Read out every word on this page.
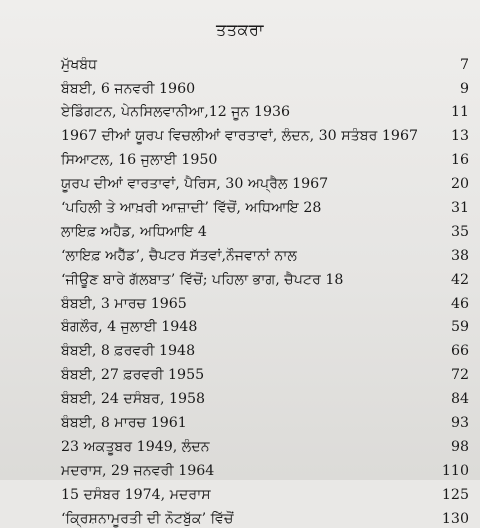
ਤਤਕਰਾ
ਮੁੱਖਬੰਧ	7
ਬੰਬਈ, 6 ਜਨਵਰੀ 1960	9
ਏਡਿੰਗਟਨ, ਪੇਨਸਿਲਵਾਨੀਆ,12 ਜੂਨ 1936	11
1967 ਦੀਆਂ ਯੂਰਪ ਵਿਚਲੀਆਂ ਵਾਰਤਾਵਾਂ, ਲੰਦਨ, 30 ਸਤੰਬਰ 1967	13
ਸਿਆਟਲ, 16 ਜੁਲਾਈ 1950	16
ਯੂਰਪ ਦੀਆਂ ਵਾਰਤਾਵਾਂ, ਪੈਰਿਸ, 30 ਅਪ੍ਰੈਲ 1967	20
‘ਪਹਿਲੀ ਤੇ ਆਖ਼ਰੀ ਆਜ਼ਾਦੀ’ ਵਿੱਚੋਂ, ਅਧਿਆਇ 28	31
ਲਾਇਫ਼ ਅਹੈਡ, ਅਧਿਆਇ 4	35
‘ਲਾਇਫ਼ ਅਹੈੱਡ’, ਚੈਪਟਰ ਸੱਤਵਾਂ,ਨੌਜਵਾਨਾਂ ਨਾਲ	38
‘ਜੀਊਣ ਬਾਰੇ ਗੱਲਬਾਤ’ ਵਿੱਚੋਂ; ਪਹਿਲਾ ਭਾਗ, ਚੈਪਟਰ 18	42
ਬੰਬਈ, 3 ਮਾਰਚ 1965	46
ਬੰਗਲੌਰ, 4 ਜੁਲਾਈ 1948	59
ਬੰਬਈ, 8 ਫ਼ਰਵਰੀ 1948	66
ਬੰਬਈ, 27 ਫ਼ਰਵਰੀ 1955	72
ਬੰਬਈ, 24 ਦਸੰਬਰ, 1958	84
ਬੰਬਈ, 8 ਮਾਰਚ 1961	93
23 ਅਕਤੂਬਰ 1949, ਲੰਦਨ	98
ਮਦਰਾਸ, 29 ਜਨਵਰੀ 1964	110
15 ਦਸੰਬਰ 1974, ਮਦਰਾਸ	125
‘ਕ੍ਰਿਸ਼ਨਾਮੂਰਤੀ ਦੀ ਨੋਟਬੁੱਕ’ ਵਿੱਚੋਂ	130
